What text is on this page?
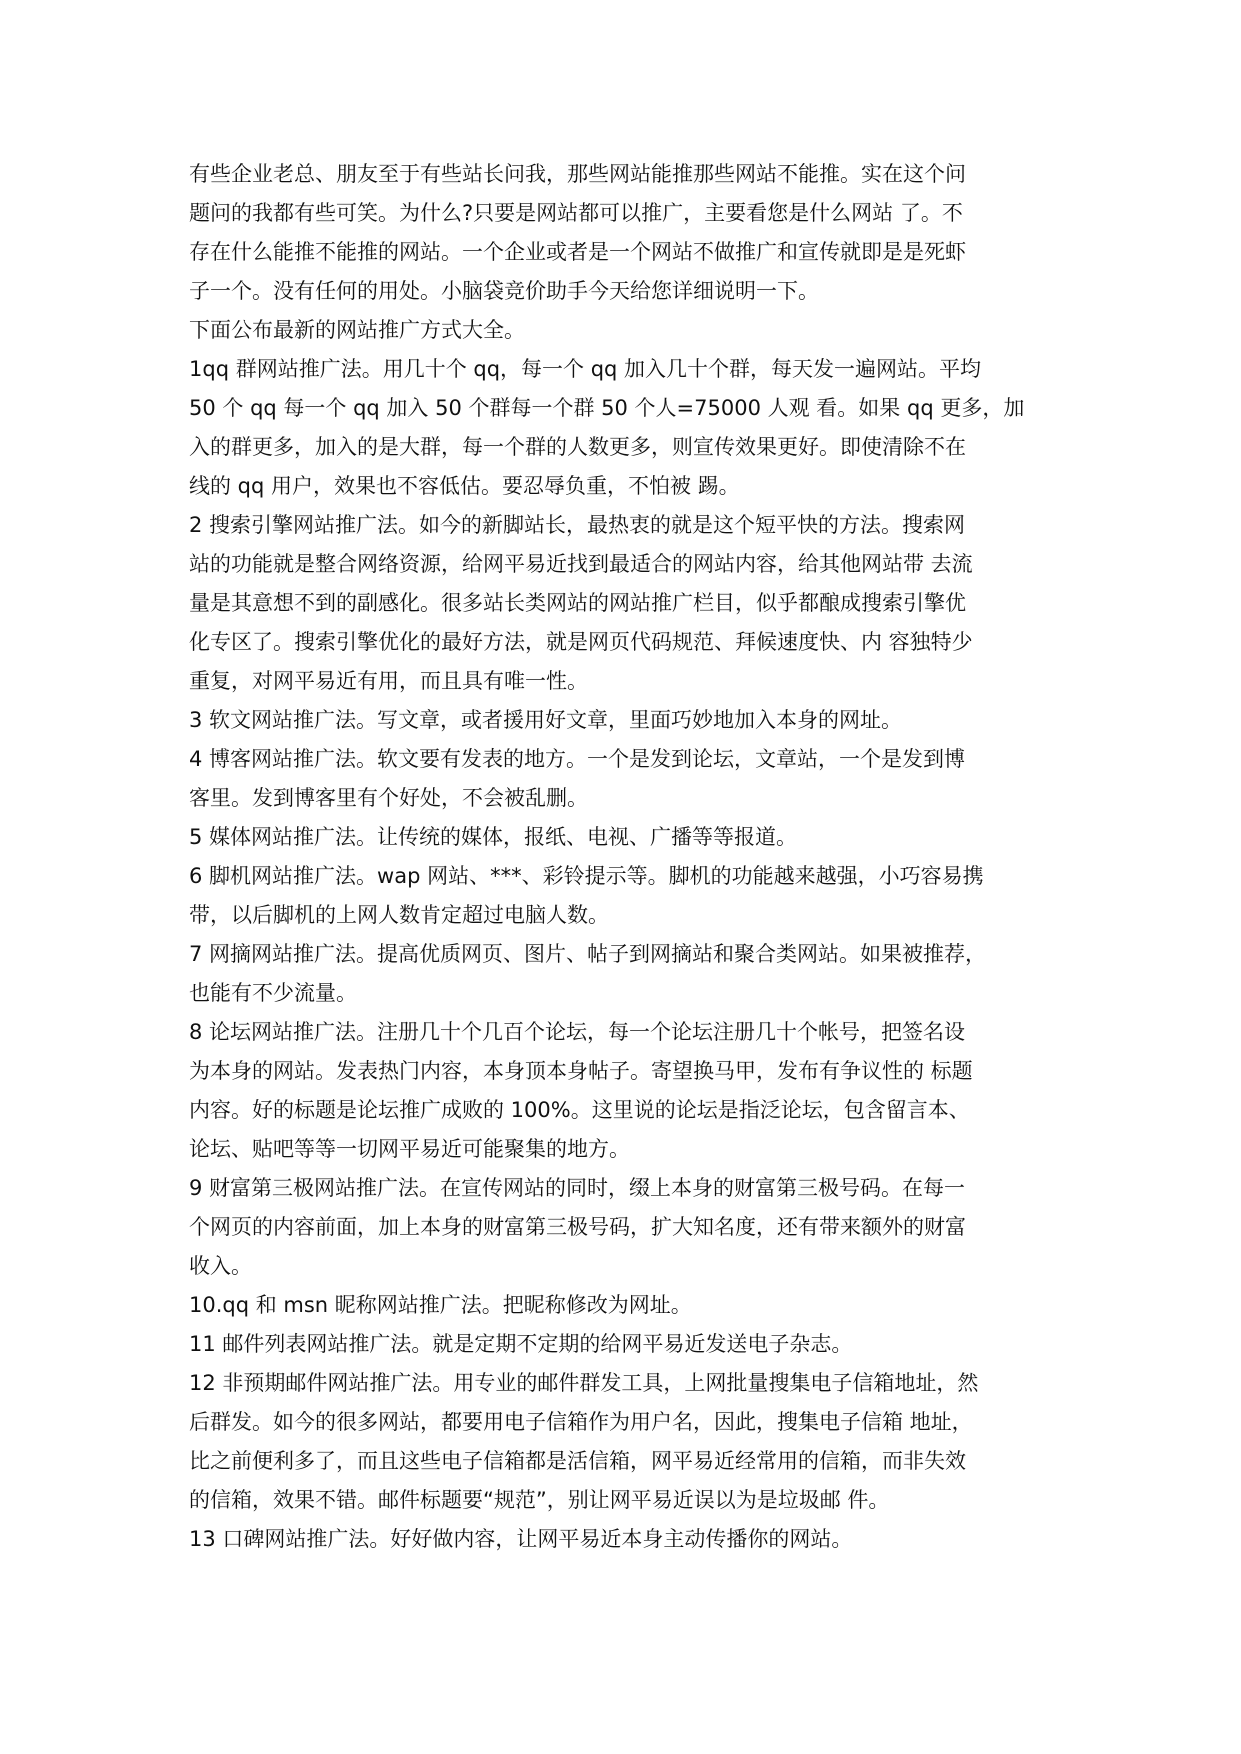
有些企业老总、朋友至于有些站长问我，那些网站能推那些网站不能推。实在这个问
题问的我都有些可笑。为什么?只要是网站都可以推广，主要看您是什么网站 了。不
存在什么能推不能推的网站。一个企业或者是一个网站不做推广和宣传就即是是死虾
子一个。没有任何的用处。小脑袋竞价助手今天给您详细说明一下。
下面公布最新的网站推广方式大全。
1qq 群网站推广法。用几十个 qq，每一个 qq 加入几十个群，每天发一遍网站。平均
50 个 qq 每一个 qq 加入 50 个群每一个群 50 个人=75000 人观 看。如果 qq 更多，加
入的群更多，加入的是大群，每一个群的人数更多，则宣传效果更好。即使清除不在
线的 qq 用户，效果也不容低估。要忍辱负重，不怕被 踢。
2 搜索引擎网站推广法。如今的新脚站长，最热衷的就是这个短平快的方法。搜索网
站的功能就是整合网络资源，给网平易近找到最适合的网站内容，给其他网站带 去流
量是其意想不到的副感化。很多站长类网站的网站推广栏目，似乎都酿成搜索引擎优
化专区了。搜索引擎优化的最好方法，就是网页代码规范、拜候速度快、内 容独特少
重复，对网平易近有用，而且具有唯一性。
3 软文网站推广法。写文章，或者援用好文章，里面巧妙地加入本身的网址。
4 博客网站推广法。软文要有发表的地方。一个是发到论坛，文章站，一个是发到博
客里。发到博客里有个好处，不会被乱删。
5 媒体网站推广法。让传统的媒体，报纸、电视、广播等等报道。
6 脚机网站推广法。wap 网站、***、彩铃提示等。脚机的功能越来越强，小巧容易携
带，以后脚机的上网人数肯定超过电脑人数。
7 网摘网站推广法。提高优质网页、图片、帖子到网摘站和聚合类网站。如果被推荐，
也能有不少流量。
8 论坛网站推广法。注册几十个几百个论坛，每一个论坛注册几十个帐号，把签名设
为本身的网站。发表热门内容，本身顶本身帖子。寄望换马甲，发布有争议性的 标题
内容。好的标题是论坛推广成败的 100%。这里说的论坛是指泛论坛，包含留言本、
论坛、贴吧等等一切网平易近可能聚集的地方。
9 财富第三极网站推广法。在宣传网站的同时，缀上本身的财富第三极号码。在每一
个网页的内容前面，加上本身的财富第三极号码，扩大知名度，还有带来额外的财富
收入。
10.qq 和 msn 昵称网站推广法。把昵称修改为网址。
11 邮件列表网站推广法。就是定期不定期的给网平易近发送电子杂志。
12 非预期邮件网站推广法。用专业的邮件群发工具，上网批量搜集电子信箱地址，然
后群发。如今的很多网站，都要用电子信箱作为用户名，因此，搜集电子信箱 地址，
比之前便利多了，而且这些电子信箱都是活信箱，网平易近经常用的信箱，而非失效
的信箱，效果不错。邮件标题要“规范”，别让网平易近误以为是垃圾邮 件。
13 口碑网站推广法。好好做内容，让网平易近本身主动传播你的网站。
